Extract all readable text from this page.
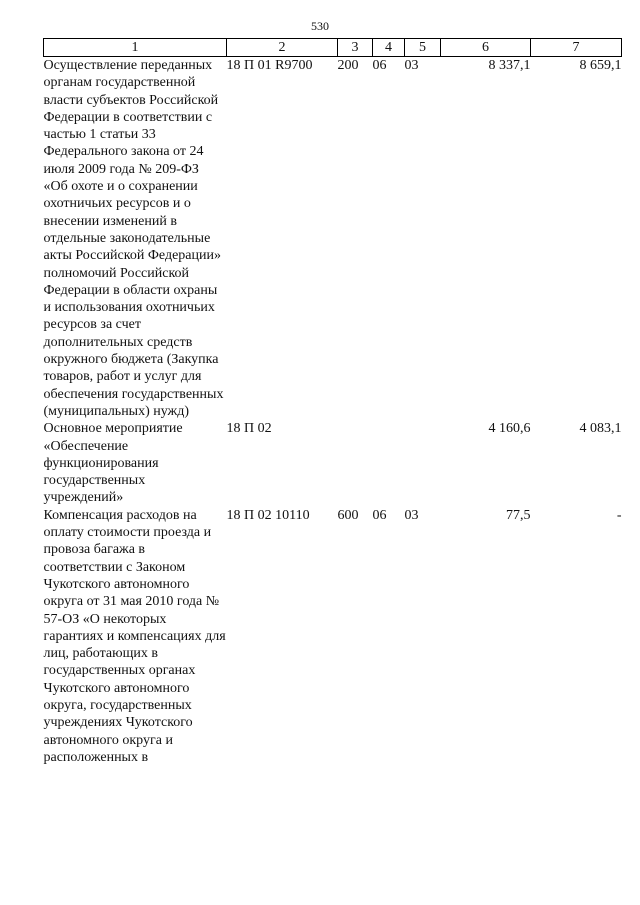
530
1	2	3	4	5	6	7
Осуществление переданных органам государственной власти субъектов Российской Федерации в соответствии с частью 1 статьи 33 Федерального закона от 24 июля 2009 года № 209-ФЗ «Об охоте и о сохранении охотничьих ресурсов и о внесении изменений в отдельные законодательные акты Российской Федерации» полномочий Российской Федерации в области охраны и использования охотничьих ресурсов за счет дополнительных средств окружного бюджета (Закупка товаров, работ и услуг для обеспечения государственных (муниципальных) нужд)	18 П 01 R9700	200	06	03	8 337,1	8 659,1
Основное мероприятие «Обеспечение функционирования государственных учреждений»	18 П 02				4 160,6	4 083,1
Компенсация расходов на оплату стоимости проезда и провоза багажа в соответствии с Законом Чукотского автономного округа от 31 мая 2010 года № 57-ОЗ «О некоторых гарантиях и компенсациях для лиц, работающих в государственных органах Чукотского автономного округа, государственных учреждениях Чукотского автономного округа и расположенных в	18 П 02 10110	600	06	03	77,5	-
